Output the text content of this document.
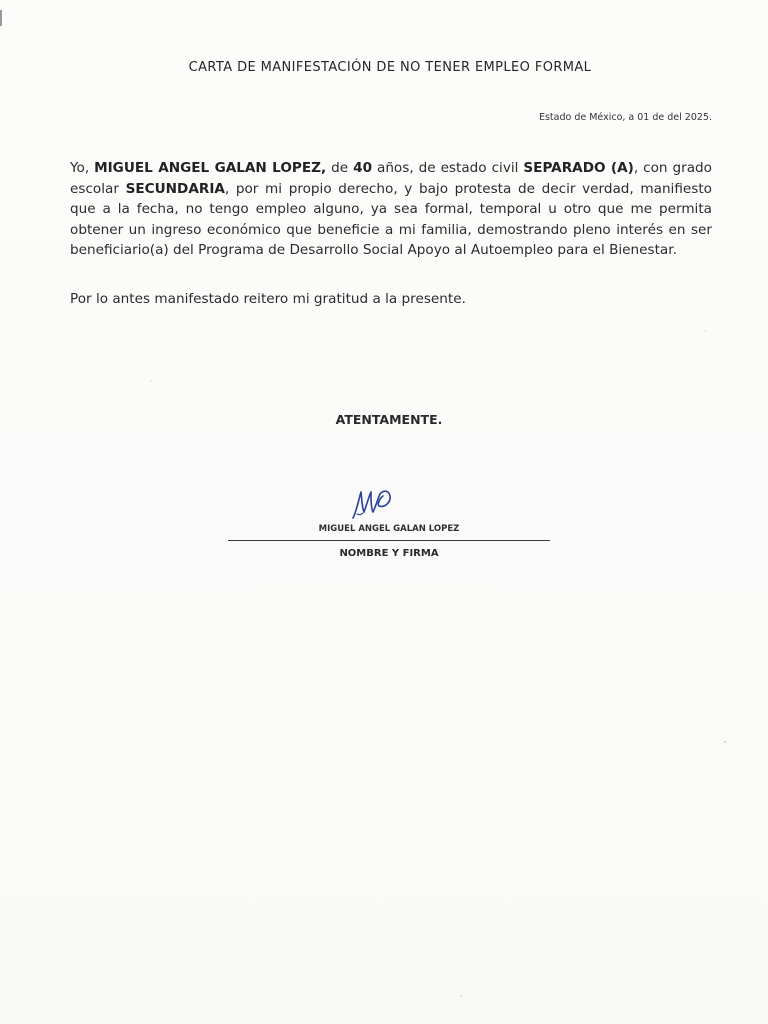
CARTA DE MANIFESTACIÓN DE NO TENER EMPLEO FORMAL
Estado de México, a 01 de del 2025.

Yo, MIGUEL ANGEL GALAN LOPEZ, de 40 años, de estado civil SEPARADO (A), con grado escolar SECUNDARIA, por mi propio derecho, y bajo protesta de decir verdad, manifiesto que a la fecha, no tengo empleo alguno, ya sea formal, temporal u otro que me permita obtener un ingreso económico que beneficie a mi familia, demostrando pleno interés en ser beneficiario(a) del Programa de Desarrollo Social Apoyo al Autoempleo para el Bienestar.

Por lo antes manifestado reitero mi gratitud a la presente.
ATENTAMENTE.
MIGUEL ANGEL GALAN LOPEZ
NOMBRE Y FIRMA
